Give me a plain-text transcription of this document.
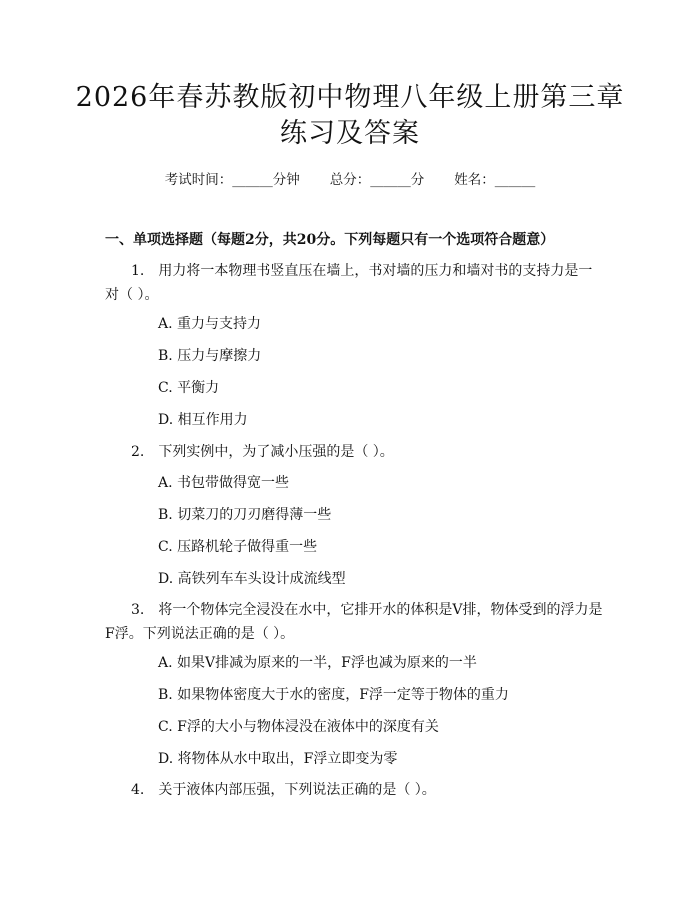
2026年春苏教版初中物理八年级上册第三章
练习及答案
考试时间：______分钟 总分：______分 姓名：______
一、单项选择题（每题2分，共20分。下列每题只有一个选项符合题意）
1.　用力将一本物理书竖直压在墙上，书对墙的压力和墙对书的支持力是一对（ ）。
A. 重力与支持力
B. 压力与摩擦力
C. 平衡力
D. 相互作用力
2.　下列实例中，为了减小压强的是（ ）。
A. 书包带做得宽一些
B. 切菜刀的刀刃磨得薄一些
C. 压路机轮子做得重一些
D. 高铁列车车头设计成流线型
3.　将一个物体完全浸没在水中，它排开水的体积是V排，物体受到的浮力是F浮。下列说法正确的是（ ）。
A. 如果V排减为原来的一半，F浮也减为原来的一半
B. 如果物体密度大于水的密度，F浮一定等于物体的重力
C. F浮的大小与物体浸没在液体中的深度有关
D. 将物体从水中取出，F浮立即变为零
4.　关于液体内部压强，下列说法正确的是（ ）。
